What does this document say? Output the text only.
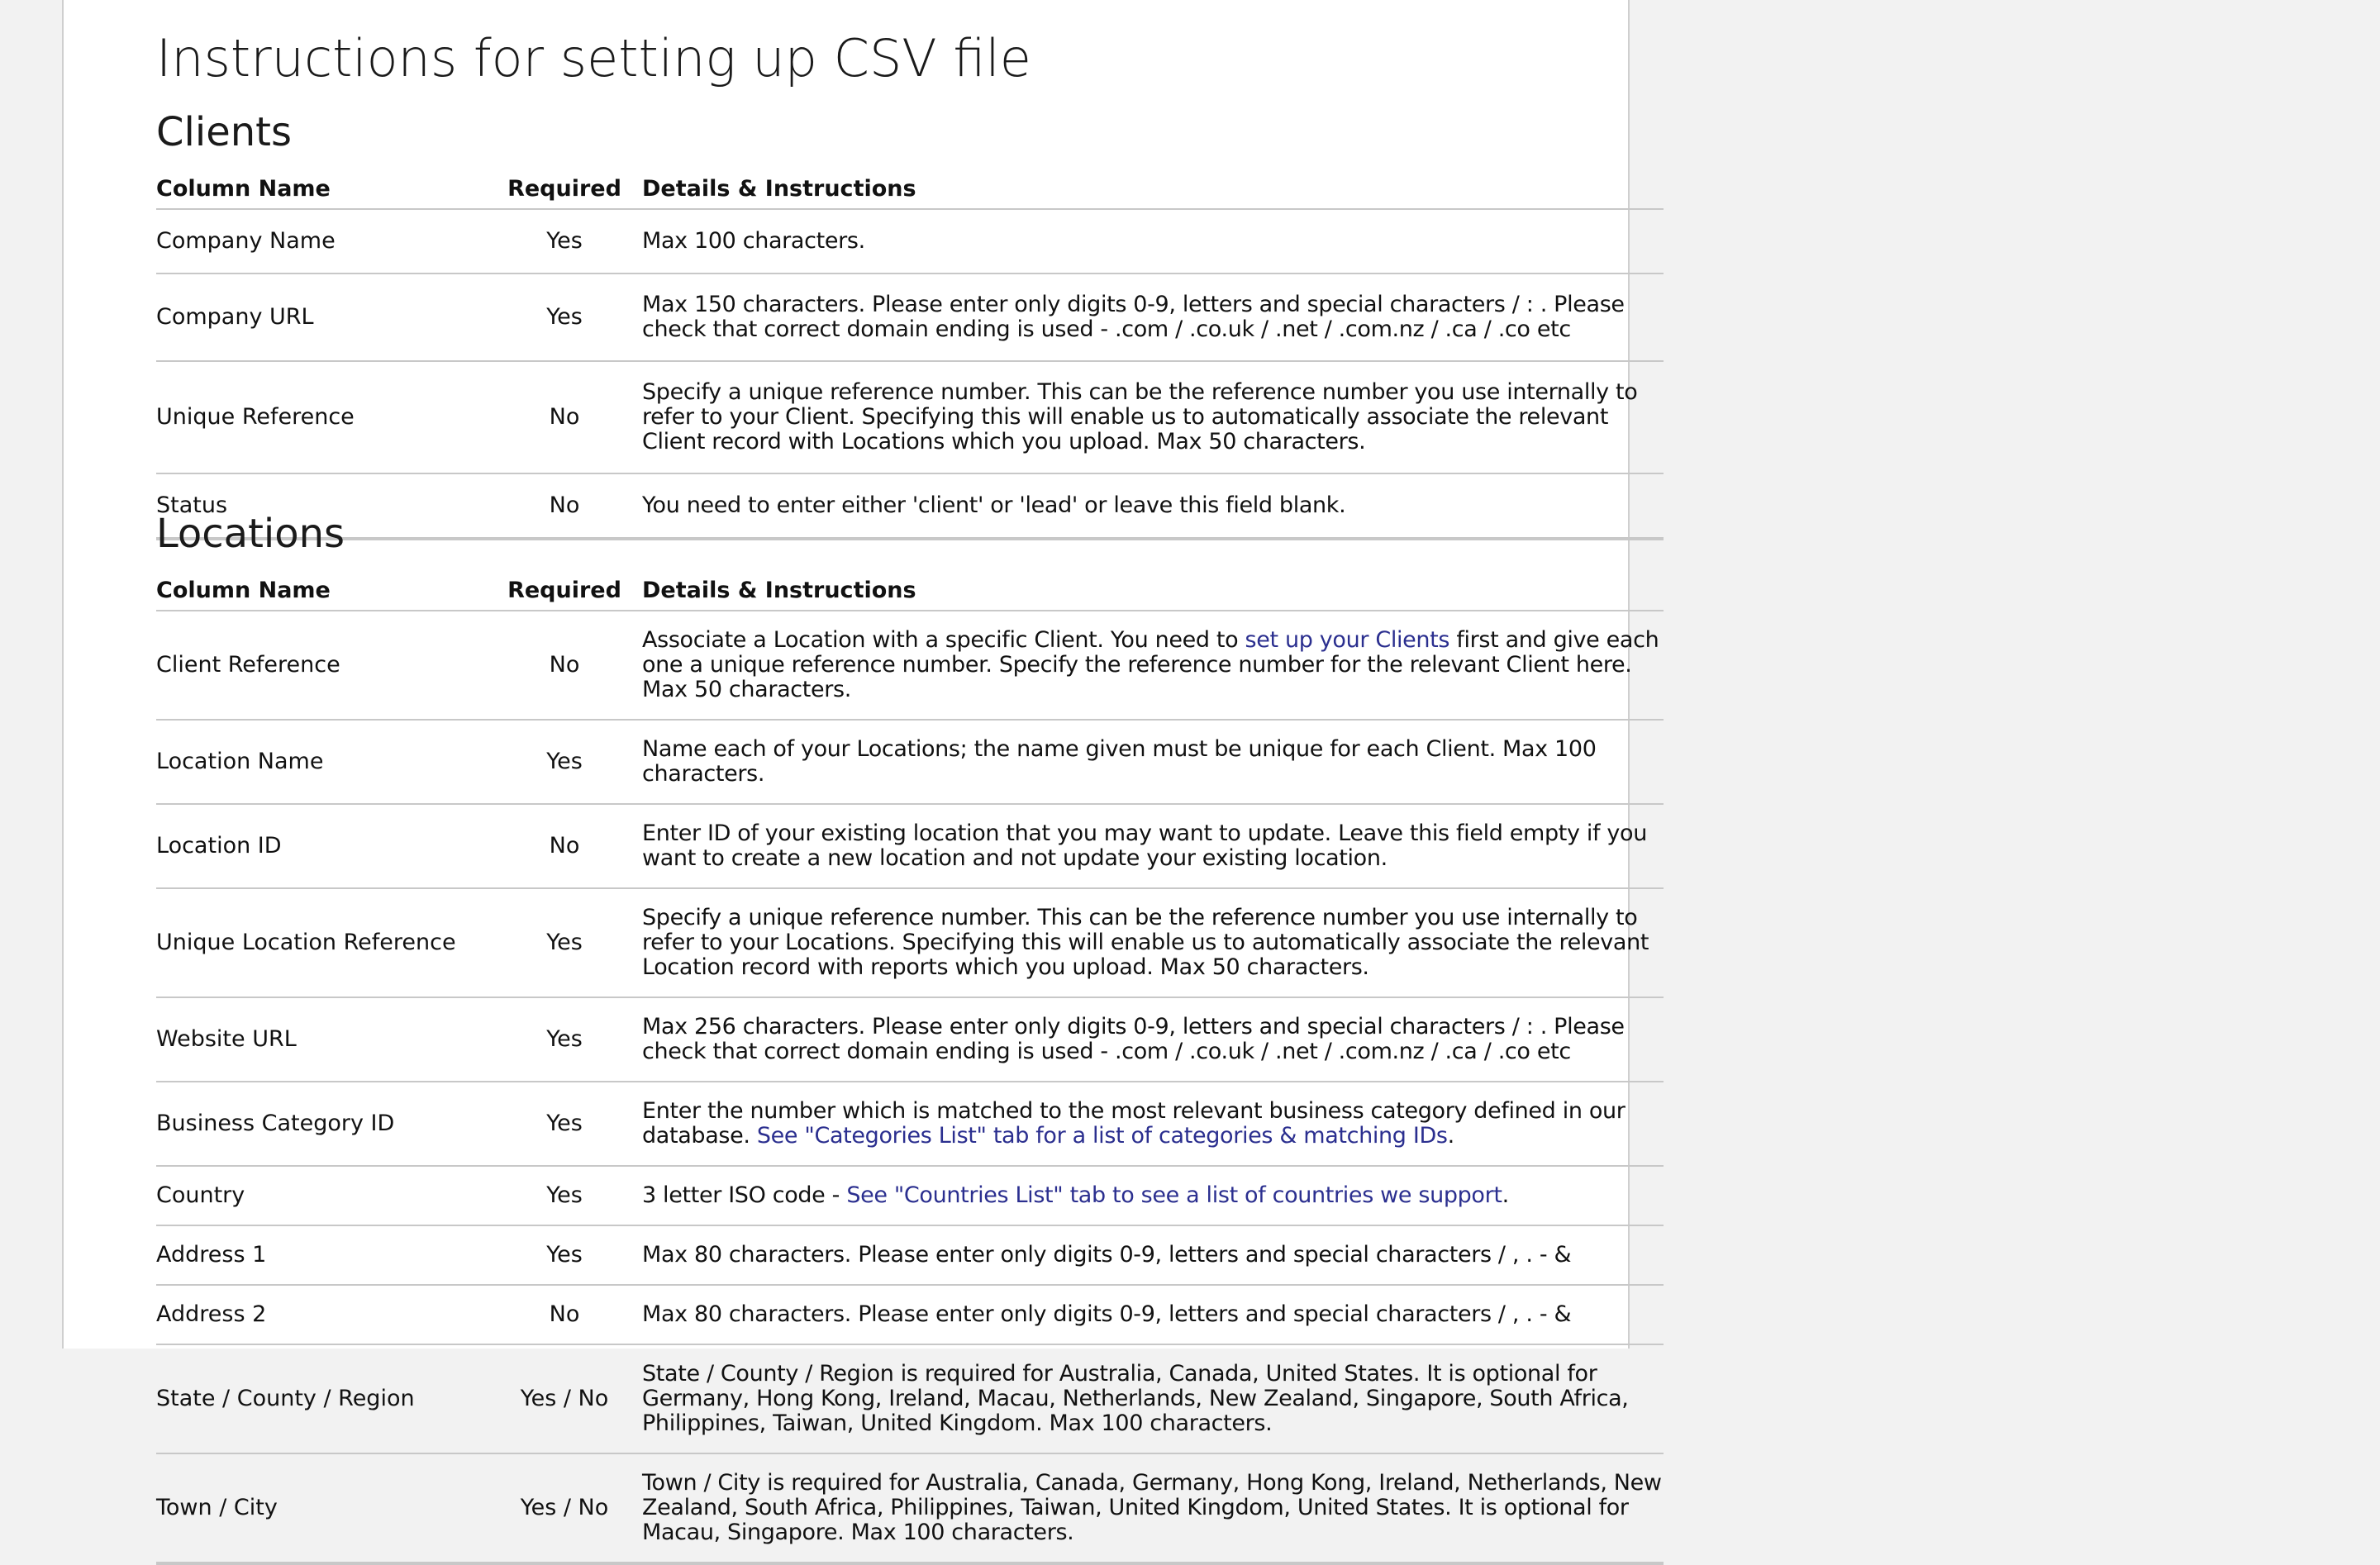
Instructions for setting up CSV file
Clients
Column Name	Required	Details & Instructions
Company Name	Yes	Max 100 characters.
Company URL	Yes	Max 150 characters. Please enter only digits 0-9, letters and special characters / : . Please check that correct domain ending is used - .com / .co.uk / .net / .com.nz / .ca / .co etc
Unique Reference	No	Specify a unique reference number. This can be the reference number you use internally to refer to your Client. Specifying this will enable us to automatically associate the relevant Client record with Locations which you upload. Max 50 characters.
Status	No	You need to enter either 'client' or 'lead' or leave this field blank.
Locations
Column Name	Required	Details & Instructions
Client Reference	No	Associate a Location with a specific Client. You need to set up your Clients first and give each one a unique reference number. Specify the reference number for the relevant Client here. Max 50 characters.
Location Name	Yes	Name each of your Locations; the name given must be unique for each Client. Max 100 characters.
Location ID	No	Enter ID of your existing location that you may want to update. Leave this field empty if you want to create a new location and not update your existing location.
Unique Location Reference	Yes	Specify a unique reference number. This can be the reference number you use internally to refer to your Locations. Specifying this will enable us to automatically associate the relevant Location record with reports which you upload. Max 50 characters.
Website URL	Yes	Max 256 characters. Please enter only digits 0-9, letters and special characters / : . Please check that correct domain ending is used - .com / .co.uk / .net / .com.nz / .ca / .co etc
Business Category ID	Yes	Enter the number which is matched to the most relevant business category defined in our database. See "Categories List" tab for a list of categories & matching IDs.
Country	Yes	3 letter ISO code - See "Countries List" tab to see a list of countries we support.
Address 1	Yes	Max 80 characters. Please enter only digits 0-9, letters and special characters / , . - &
Address 2	No	Max 80 characters. Please enter only digits 0-9, letters and special characters / , . - &
State / County / Region	Yes / No	State / County / Region is required for Australia, Canada, United States. It is optional for Germany, Hong Kong, Ireland, Macau, Netherlands, New Zealand, Singapore, South Africa, Philippines, Taiwan, United Kingdom. Max 100 characters.
Town / City	Yes / No	Town / City is required for Australia, Canada, Germany, Hong Kong, Ireland, Netherlands, New Zealand, South Africa, Philippines, Taiwan, United Kingdom, United States. It is optional for Macau, Singapore. Max 100 characters.
